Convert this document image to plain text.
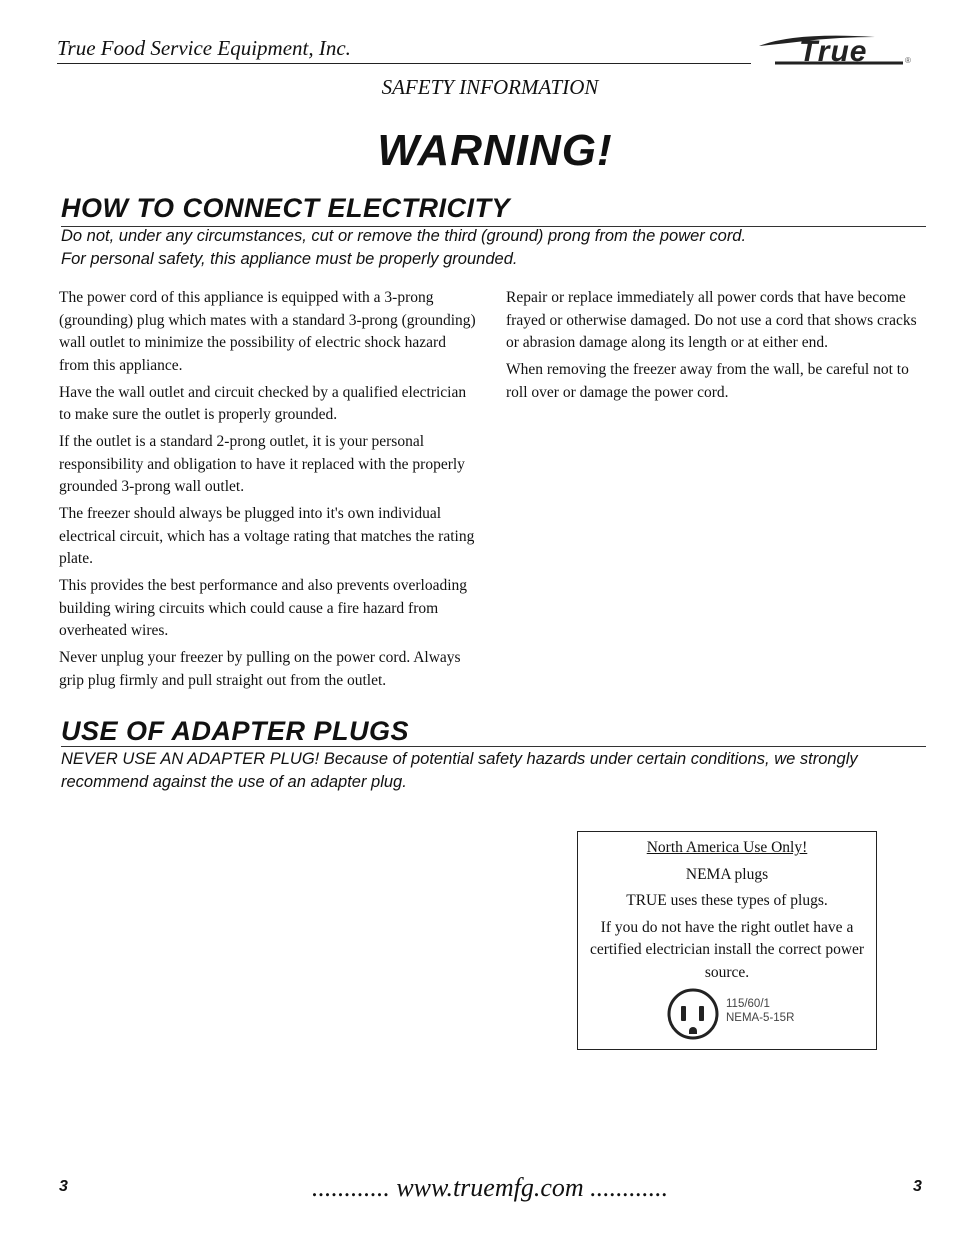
True Food Service Equipment, Inc.	True	®
SAFETY INFORMATION
WARNING!
HOW TO CONNECT ELECTRICITY
Do not, under any circumstances, cut or remove the third (ground) prong from the power cord.
For personal safety, this appliance must be properly grounded.

The power cord of this appliance is equipped with a 3-prong (grounding) plug which mates with a standard 3-prong (grounding) wall outlet to minimize the possibility of electric shock hazard from this appliance.

Have the wall outlet and circuit checked by a qualified electrician to make sure the outlet is properly grounded.

If the outlet is a standard 2-prong outlet, it is your personal responsibility and obligation to have it replaced with the properly grounded 3-prong wall outlet.

The freezer should always be plugged into it's own individual electrical circuit, which has a voltage rating that matches the rating plate.

This provides the best performance and also prevents overloading building wiring circuits which could cause a fire hazard from overheated wires.

Never unplug your freezer by pulling on the power cord. Always grip plug firmly and pull straight out from the outlet.

Repair or replace immediately all power cords that have become frayed or otherwise damaged. Do not use a cord that shows cracks or abrasion damage along its length or at either end.

When removing the freezer away from the wall, be careful not to roll over or damage the power cord.

USE OF ADAPTER PLUGS
NEVER USE AN ADAPTER PLUG! Because of potential safety hazards under certain conditions, we strongly recommend against the use of an adapter plug.

North America Use Only!

NEMA plugs

TRUE uses these types of plugs.

If you do not have the right outlet have a certified electrician install the correct power source.

115/60/1
NEMA-5-15R
3	............ www.truemfg.com ............	3
